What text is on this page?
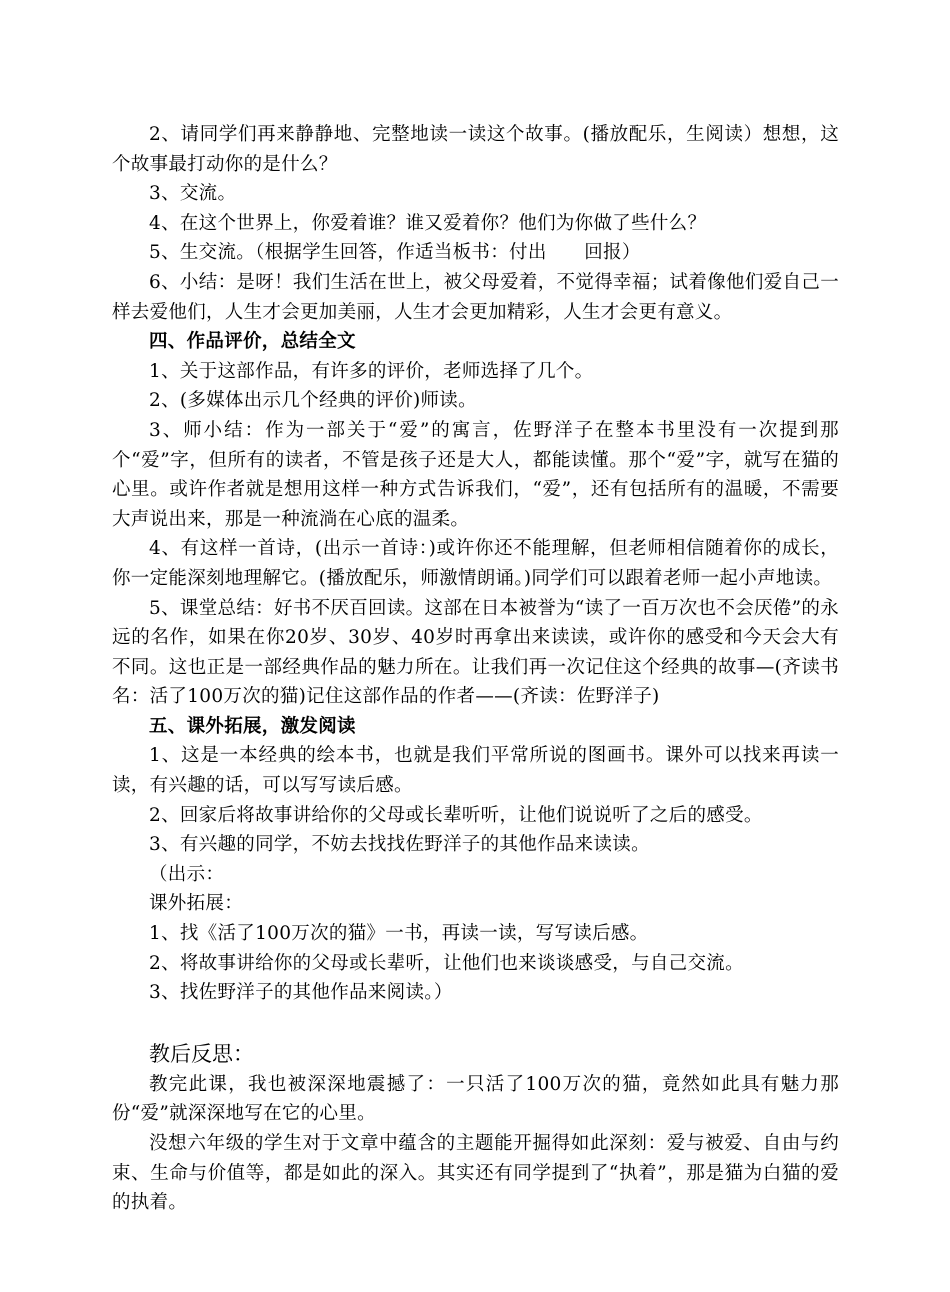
2、请同学们再来静静地、完整地读一读这个故事。(播放配乐，生阅读）想想，这个故事最打动你的是什么？

3、交流。

4、在这个世界上，你爱着谁？谁又爱着你？他们为你做了些什么？

5、生交流。（根据学生回答，作适当板书：付出　　回报）

6、小结：是呀！我们生活在世上，被父母爱着，不觉得幸福；试着像他们爱自己一样去爱他们，人生才会更加美丽，人生才会更加精彩，人生才会更有意义。

四、作品评价，总结全文

1、关于这部作品，有许多的评价，老师选择了几个。

2、(多媒体出示几个经典的评价)师读。

3、师小结：作为一部关于“爱”的寓言，佐野洋子在整本书里没有一次提到那个“爱”字，但所有的读者，不管是孩子还是大人，都能读懂。那个“爱”字，就写在猫的心里。或许作者就是想用这样一种方式告诉我们，“爱”，还有包括所有的温暖，不需要大声说出来，那是一种流淌在心底的温柔。

4、有这样一首诗，(出示一首诗：)或许你还不能理解，但老师相信随着你的成长，你一定能深刻地理解它。(播放配乐，师激情朗诵。)同学们可以跟着老师一起小声地读。

5、课堂总结：好书不厌百回读。这部在日本被誉为“读了一百万次也不会厌倦”的永远的名作，如果在你20岁、30岁、40岁时再拿出来读读，或许你的感受和今天会大有不同。这也正是一部经典作品的魅力所在。让我们再一次记住这个经典的故事—(齐读书名：活了100万次的猫)记住这部作品的作者——(齐读：佐野洋子)

五、课外拓展，激发阅读

1、这是一本经典的绘本书，也就是我们平常所说的图画书。课外可以找来再读一读，有兴趣的话，可以写写读后感。

2、回家后将故事讲给你的父母或长辈听听，让他们说说听了之后的感受。

3、有兴趣的同学，不妨去找找佐野洋子的其他作品来读读。

（出示：

课外拓展：

1、找《活了100万次的猫》一书，再读一读，写写读后感。

2、将故事讲给你的父母或长辈听，让他们也来谈谈感受，与自己交流。

3、找佐野洋子的其他作品来阅读。）

教后反思：

教完此课，我也被深深地震撼了：一只活了100万次的猫，竟然如此具有魅力那份“爱”就深深地写在它的心里。

没想六年级的学生对于文章中蕴含的主题能开掘得如此深刻：爱与被爱、自由与约束、生命与价值等，都是如此的深入。其实还有同学提到了“执着”，那是猫为白猫的爱的执着。
